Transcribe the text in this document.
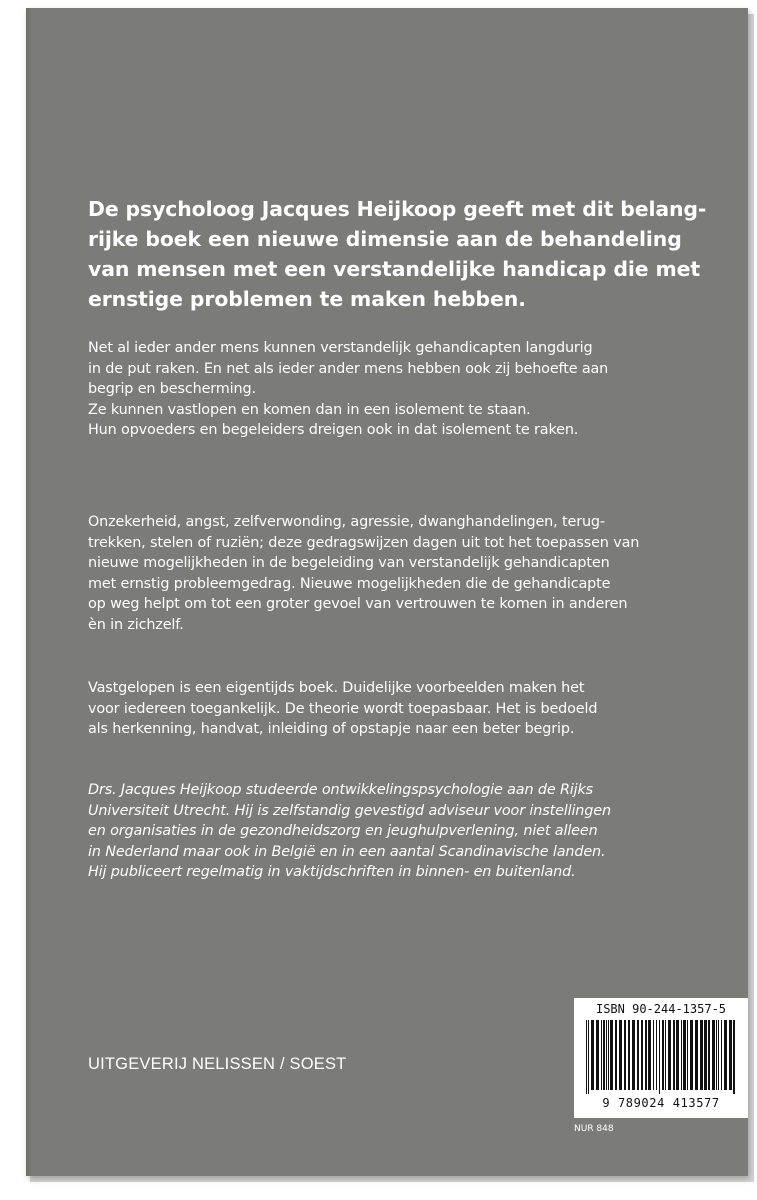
De psycholoog Jacques Heijkoop geeft met dit belang-
rijke boek een nieuwe dimensie aan de behandeling
van mensen met een verstandelijke handicap die met
ernstige problemen te maken hebben.

Net al ieder ander mens kunnen verstandelijk gehandicapten langdurig
in de put raken. En net als ieder ander mens hebben ook zij behoefte aan
begrip en bescherming.
Ze kunnen vastlopen en komen dan in een isolement te staan.
Hun opvoeders en begeleiders dreigen ook in dat isolement te raken.

Onzekerheid, angst, zelfverwonding, agressie, dwanghandelingen, terug-
trekken, stelen of ruziën; deze gedragswijzen dagen uit tot het toepassen van
nieuwe mogelijkheden in de begeleiding van verstandelijk gehandicapten
met ernstig probleemgedrag. Nieuwe mogelijkheden die de gehandicapte
op weg helpt om tot een groter gevoel van vertrouwen te komen in anderen
èn in zichzelf.

Vastgelopen is een eigentijds boek. Duidelijke voorbeelden maken het
voor iedereen toegankelijk. De theorie wordt toepasbaar. Het is bedoeld
als herkenning, handvat, inleiding of opstapje naar een beter begrip.

Drs. Jacques Heijkoop studeerde ontwikkelingspsychologie aan de Rijks
Universiteit Utrecht. Hij is zelfstandig gevestigd adviseur voor instellingen
en organisaties in de gezondheidszorg en jeughulpverlening, niet alleen
in Nederland maar ook in België en in een aantal Scandinavische landen.
Hij publiceert regelmatig in vaktijdschriften in binnen- en buitenland.

UITGEVERIJ NELISSEN / SOEST

ISBN 90-244-1357-5

9 789024 413577

NUR 848
